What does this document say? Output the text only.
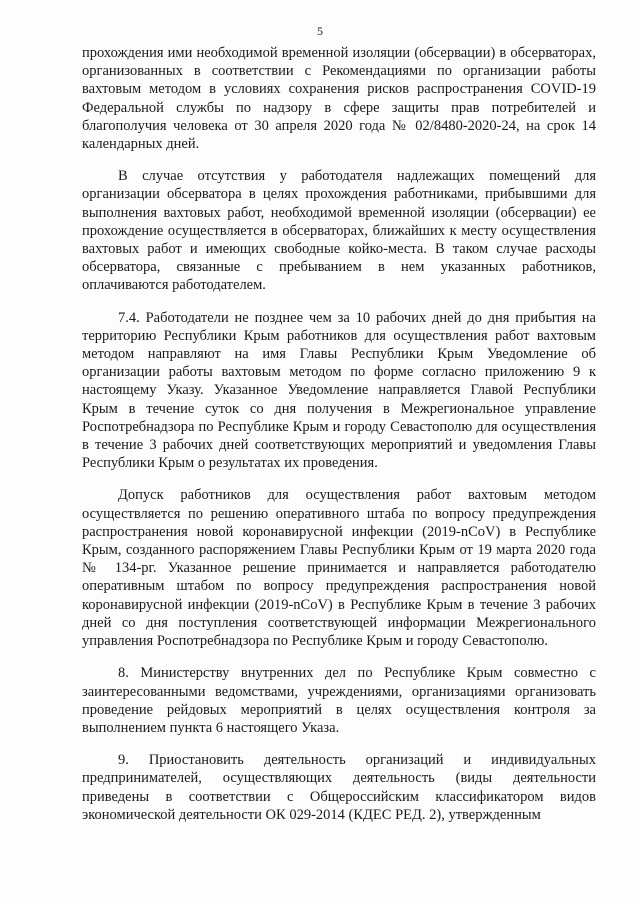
5

прохождения ими необходимой временной изоляции (обсервации) в обсерваторах, организованных в соответствии с Рекомендациями по организации работы вахтовым методом в условиях сохранения рисков распространения COVID-19 Федеральной службы по надзору в сфере защиты прав потребителей и благополучия человека от 30 апреля 2020 года № 02/8480-2020-24, на срок 14 календарных дней.

В случае отсутствия у работодателя надлежащих помещений для организации обсерватора в целях прохождения работниками, прибывшими для выполнения вахтовых работ, необходимой временной изоляции (обсервации) ее прохождение осуществляется в обсерваторах, ближайших к месту осуществления вахтовых работ и имеющих свободные койко-места. В таком случае расходы обсерватора, связанные с пребыванием в нем указанных работников, оплачиваются работодателем.

7.4. Работодатели не позднее чем за 10 рабочих дней до дня прибытия на территорию Республики Крым работников для осуществления работ вахтовым методом направляют на имя Главы Республики Крым Уведомление об организации работы вахтовым методом по форме согласно приложению 9 к настоящему Указу. Указанное Уведомление направляется Главой Республики Крым в течение суток со дня получения в Межрегиональное управление Роспотребнадзора по Республике Крым и городу Севастополю для осуществления в течение 3 рабочих дней соответствующих мероприятий и уведомления Главы Республики Крым о результатах их проведения.

Допуск работников для осуществления работ вахтовым методом осуществляется по решению оперативного штаба по вопросу предупреждения распространения новой коронавирусной инфекции (2019-nCoV) в Республике Крым, созданного распоряжением Главы Республики Крым от 19 марта 2020 года № 134-рг. Указанное решение принимается и направляется работодателю оперативным штабом по вопросу предупреждения распространения новой коронавирусной инфекции (2019-nCoV) в Республике Крым в течение 3 рабочих дней со дня поступления соответствующей информации Межрегионального управления Роспотребнадзора по Республике Крым и городу Севастополю.

8. Министерству внутренних дел по Республике Крым совместно с заинтересованными ведомствами, учреждениями, организациями организовать проведение рейдовых мероприятий в целях осуществления контроля за выполнением пункта 6 настоящего Указа.

9. Приостановить деятельность организаций и индивидуальных предпринимателей, осуществляющих деятельность (виды деятельности приведены в соответствии с Общероссийским классификатором видов экономической деятельности ОК 029-2014 (КДЕС РЕД. 2), утвержденным
